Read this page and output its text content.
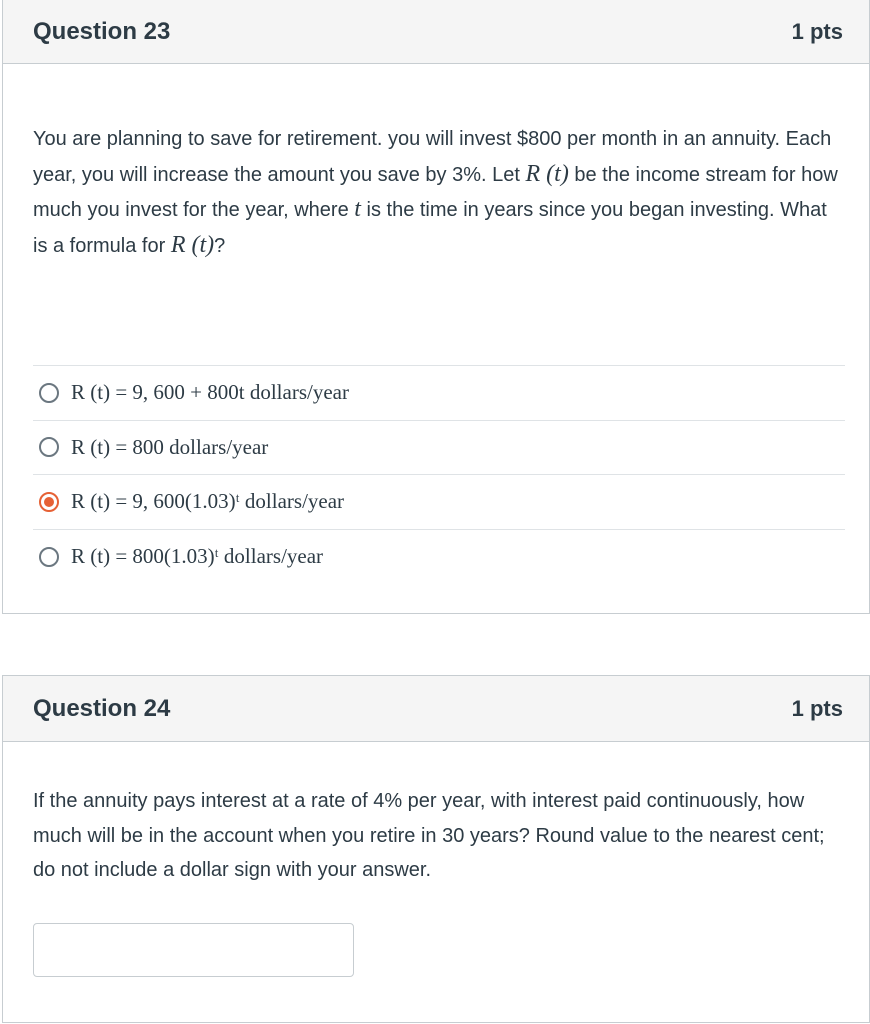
Question 23	1 pts
You are planning to save for retirement. you will invest $800 per month in an annuity. Each year, you will increase the amount you save by 3%. Let R (t) be the income stream for how much you invest for the year, where t is the time in years since you began investing. What is a formula for R (t)?
R (t) = 9, 600 + 800t dollars/year
R (t) = 800 dollars/year
R (t) = 9, 600(1.03)ᵗ dollars/year
R (t) = 800(1.03)ᵗ dollars/year
Question 24	1 pts
If the annuity pays interest at a rate of 4% per year, with interest paid continuously, how much will be in the account when you retire in 30 years? Round value to the nearest cent; do not include a dollar sign with your answer.
